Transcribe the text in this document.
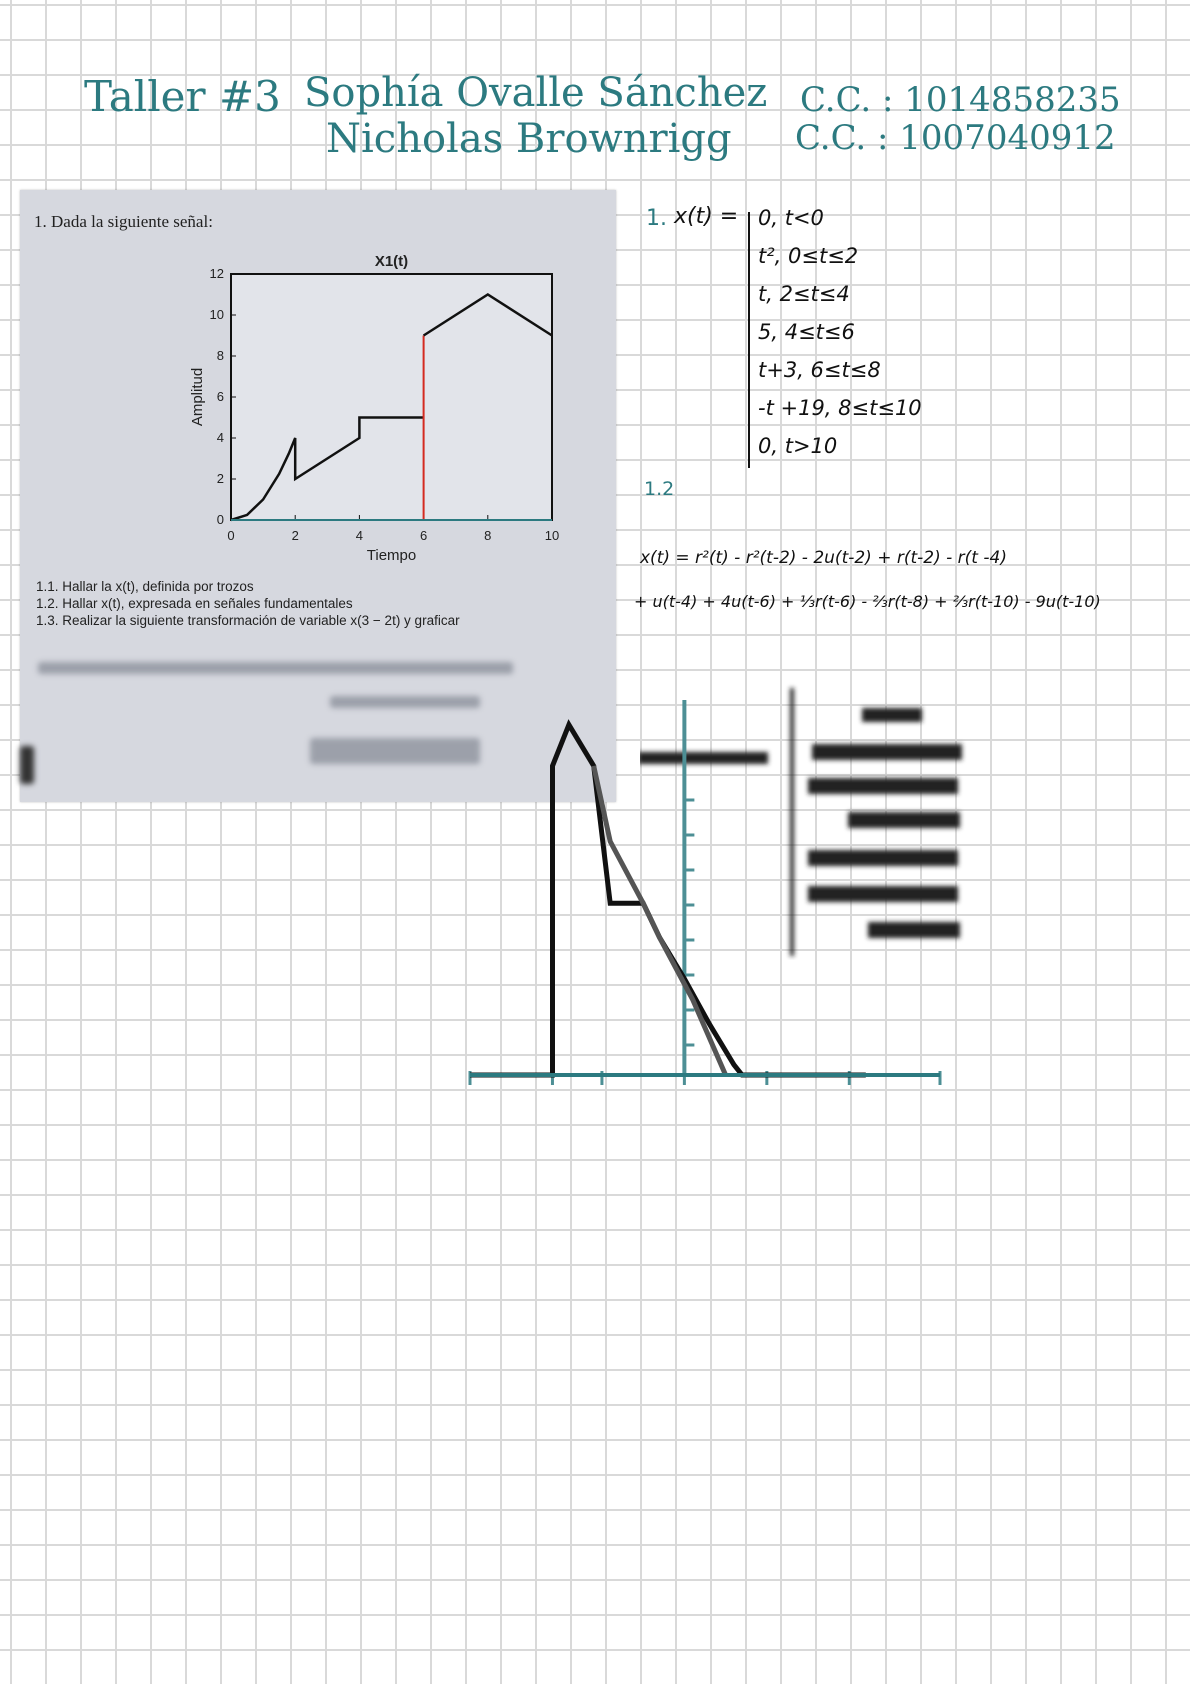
Taller #3 Sophía Ovalle Sánchez
Nicholas Brownrigg
C.C. : 1014858235
C.C. : 1007040912
1. Dada la siguiente señal:
0	2	4	6	8	10
0
2
4
6
8
10
12
X1(t)
Tiempo
Amplitud
1.1. Hallar la x(t), definida por trozos
1.2. Hallar x(t), expresada en señales fundamentales
1.3. Realizar la siguiente transformación de variable x(3 − 2t) y graficar
1. x(t) = 0, t<0
t², 0≤t≤2
t, 2≤t≤4
5, 4≤t≤6
t+3, 6≤t≤8
-t +19, 8≤t≤10
0, t>10
1.2
x(t) = r²(t) - r²(t-2) - 2u(t-2) + r(t-2) - r(t -4)
+ u(t-4) + 4u(t-6) + ⅓r(t-6) - ⅔r(t-8) + ⅔r(t-10) - 9u(t-10)
